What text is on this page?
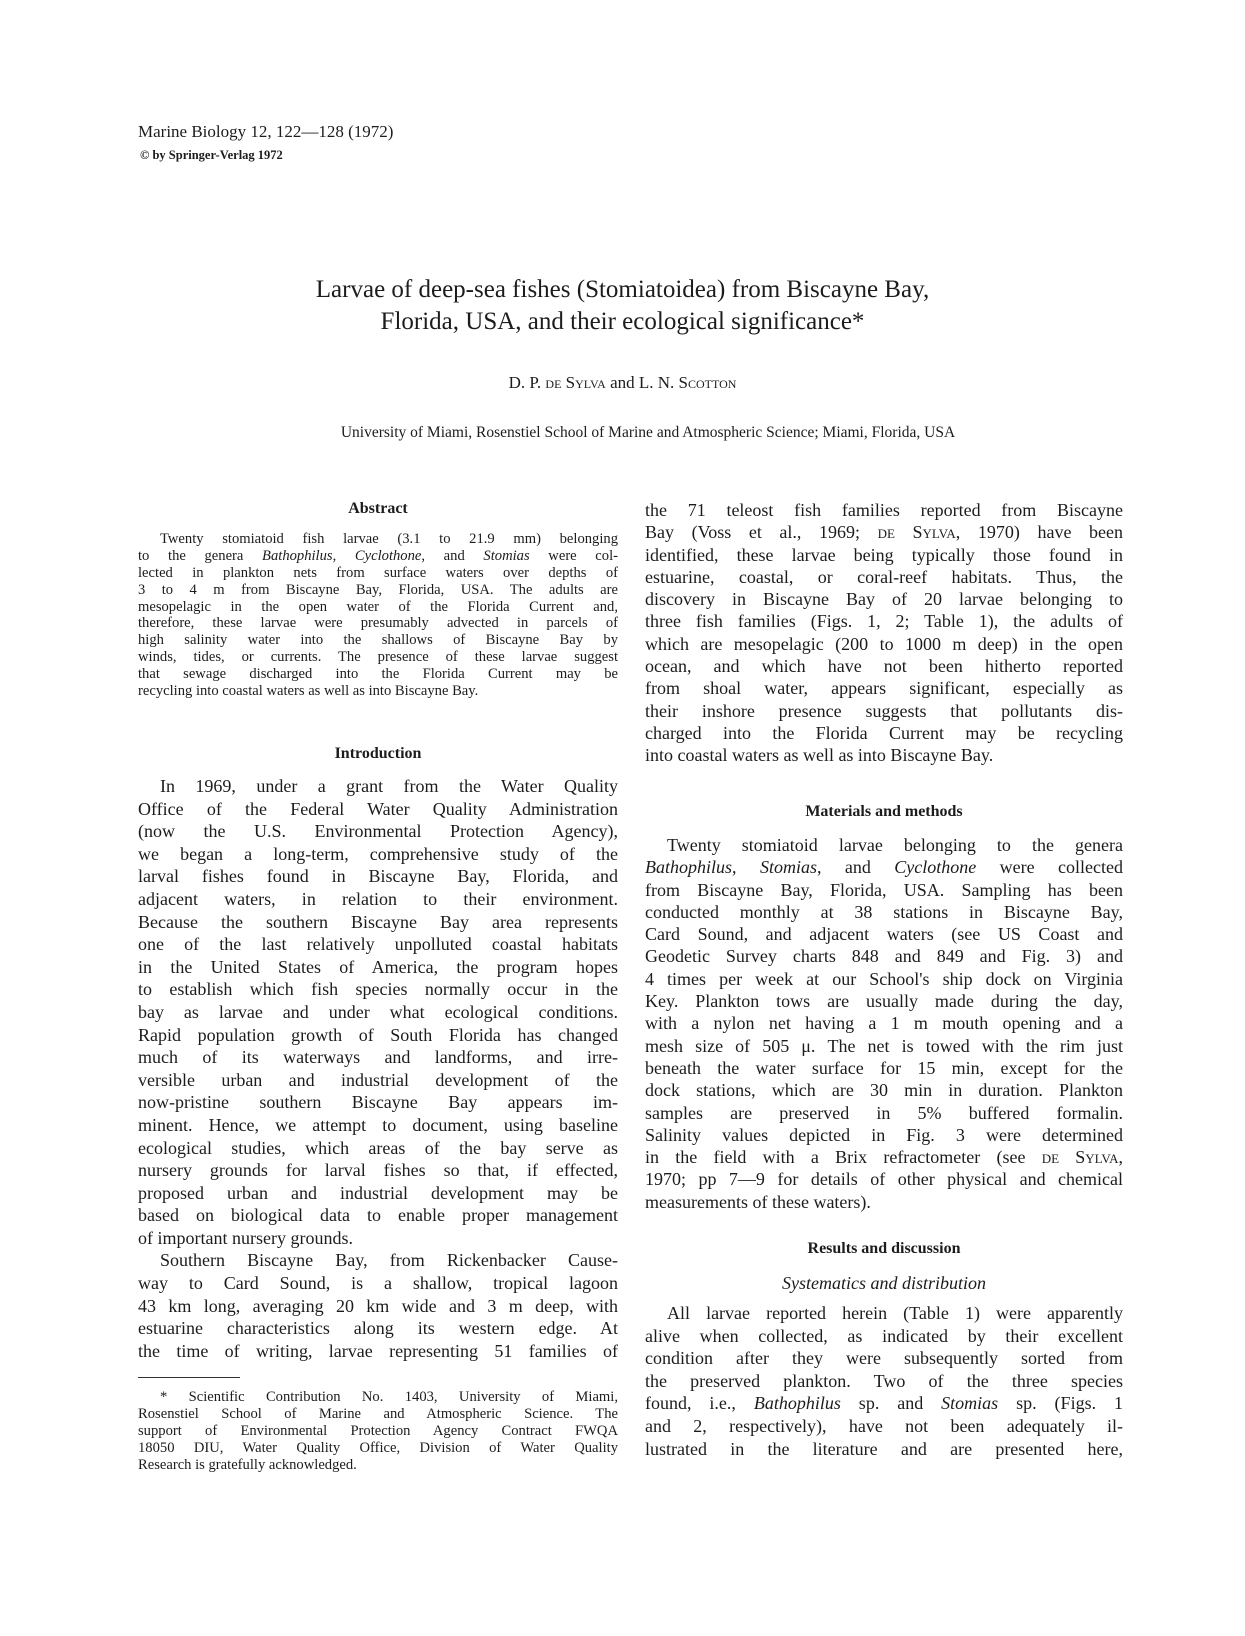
Marine Biology 12, 122—128 (1972)
© by Springer-Verlag 1972
Larvae of deep-sea fishes (Stomiatoidea) from Biscayne Bay,
Florida, USA, and their ecological significance*
D. P. de Sylva and L. N. Scotton
University of Miami, Rosenstiel School of Marine and Atmospheric Science; Miami, Florida, USA
Abstract
Twenty stomiatoid fish larvae (3.1 to 21.9 mm) belonging
to the genera Bathophilus, Cyclothone, and Stomias were col-
lected in plankton nets from surface waters over depths of
3 to 4 m from Biscayne Bay, Florida, USA. The adults are
mesopelagic in the open water of the Florida Current and,
therefore, these larvae were presumably advected in parcels of
high salinity water into the shallows of Biscayne Bay by
winds, tides, or currents. The presence of these larvae suggest
that sewage discharged into the Florida Current may be
recycling into coastal waters as well as into Biscayne Bay.
Introduction
In 1969, under a grant from the Water Quality
Office of the Federal Water Quality Administration
(now the U.S. Environmental Protection Agency),
we began a long-term, comprehensive study of the
larval fishes found in Biscayne Bay, Florida, and
adjacent waters, in relation to their environment.
Because the southern Biscayne Bay area represents
one of the last relatively unpolluted coastal habitats
in the United States of America, the program hopes
to establish which fish species normally occur in the
bay as larvae and under what ecological conditions.
Rapid population growth of South Florida has changed
much of its waterways and landforms, and irre-
versible urban and industrial development of the
now-pristine southern Biscayne Bay appears im-
minent. Hence, we attempt to document, using baseline
ecological studies, which areas of the bay serve as
nursery grounds for larval fishes so that, if effected,
proposed urban and industrial development may be
based on biological data to enable proper management
of important nursery grounds.
Southern Biscayne Bay, from Rickenbacker Cause-
way to Card Sound, is a shallow, tropical lagoon
43 km long, averaging 20 km wide and 3 m deep, with
estuarine characteristics along its western edge. At
the time of writing, larvae representing 51 families of
* Scientific Contribution No. 1403, University of Miami,
Rosenstiel School of Marine and Atmospheric Science. The
support of Environmental Protection Agency Contract FWQA
18050 DIU, Water Quality Office, Division of Water Quality
Research is gratefully acknowledged.
the 71 teleost fish families reported from Biscayne
Bay (Voss et al., 1969; de Sylva, 1970) have been
identified, these larvae being typically those found in
estuarine, coastal, or coral-reef habitats. Thus, the
discovery in Biscayne Bay of 20 larvae belonging to
three fish families (Figs. 1, 2; Table 1), the adults of
which are mesopelagic (200 to 1000 m deep) in the open
ocean, and which have not been hitherto reported
from shoal water, appears significant, especially as
their inshore presence suggests that pollutants dis-
charged into the Florida Current may be recycling
into coastal waters as well as into Biscayne Bay.
Materials and methods
Twenty stomiatoid larvae belonging to the genera
Bathophilus, Stomias, and Cyclothone were collected
from Biscayne Bay, Florida, USA. Sampling has been
conducted monthly at 38 stations in Biscayne Bay,
Card Sound, and adjacent waters (see US Coast and
Geodetic Survey charts 848 and 849 and Fig. 3) and
4 times per week at our School's ship dock on Virginia
Key. Plankton tows are usually made during the day,
with a nylon net having a 1 m mouth opening and a
mesh size of 505 μ. The net is towed with the rim just
beneath the water surface for 15 min, except for the
dock stations, which are 30 min in duration. Plankton
samples are preserved in 5% buffered formalin.
Salinity values depicted in Fig. 3 were determined
in the field with a Brix refractometer (see de Sylva,
1970; pp 7—9 for details of other physical and chemical
measurements of these waters).
Results and discussion
Systematics and distribution
All larvae reported herein (Table 1) were apparently
alive when collected, as indicated by their excellent
condition after they were subsequently sorted from
the preserved plankton. Two of the three species
found, i.e., Bathophilus sp. and Stomias sp. (Figs. 1
and 2, respectively), have not been adequately il-
lustrated in the literature and are presented here,
